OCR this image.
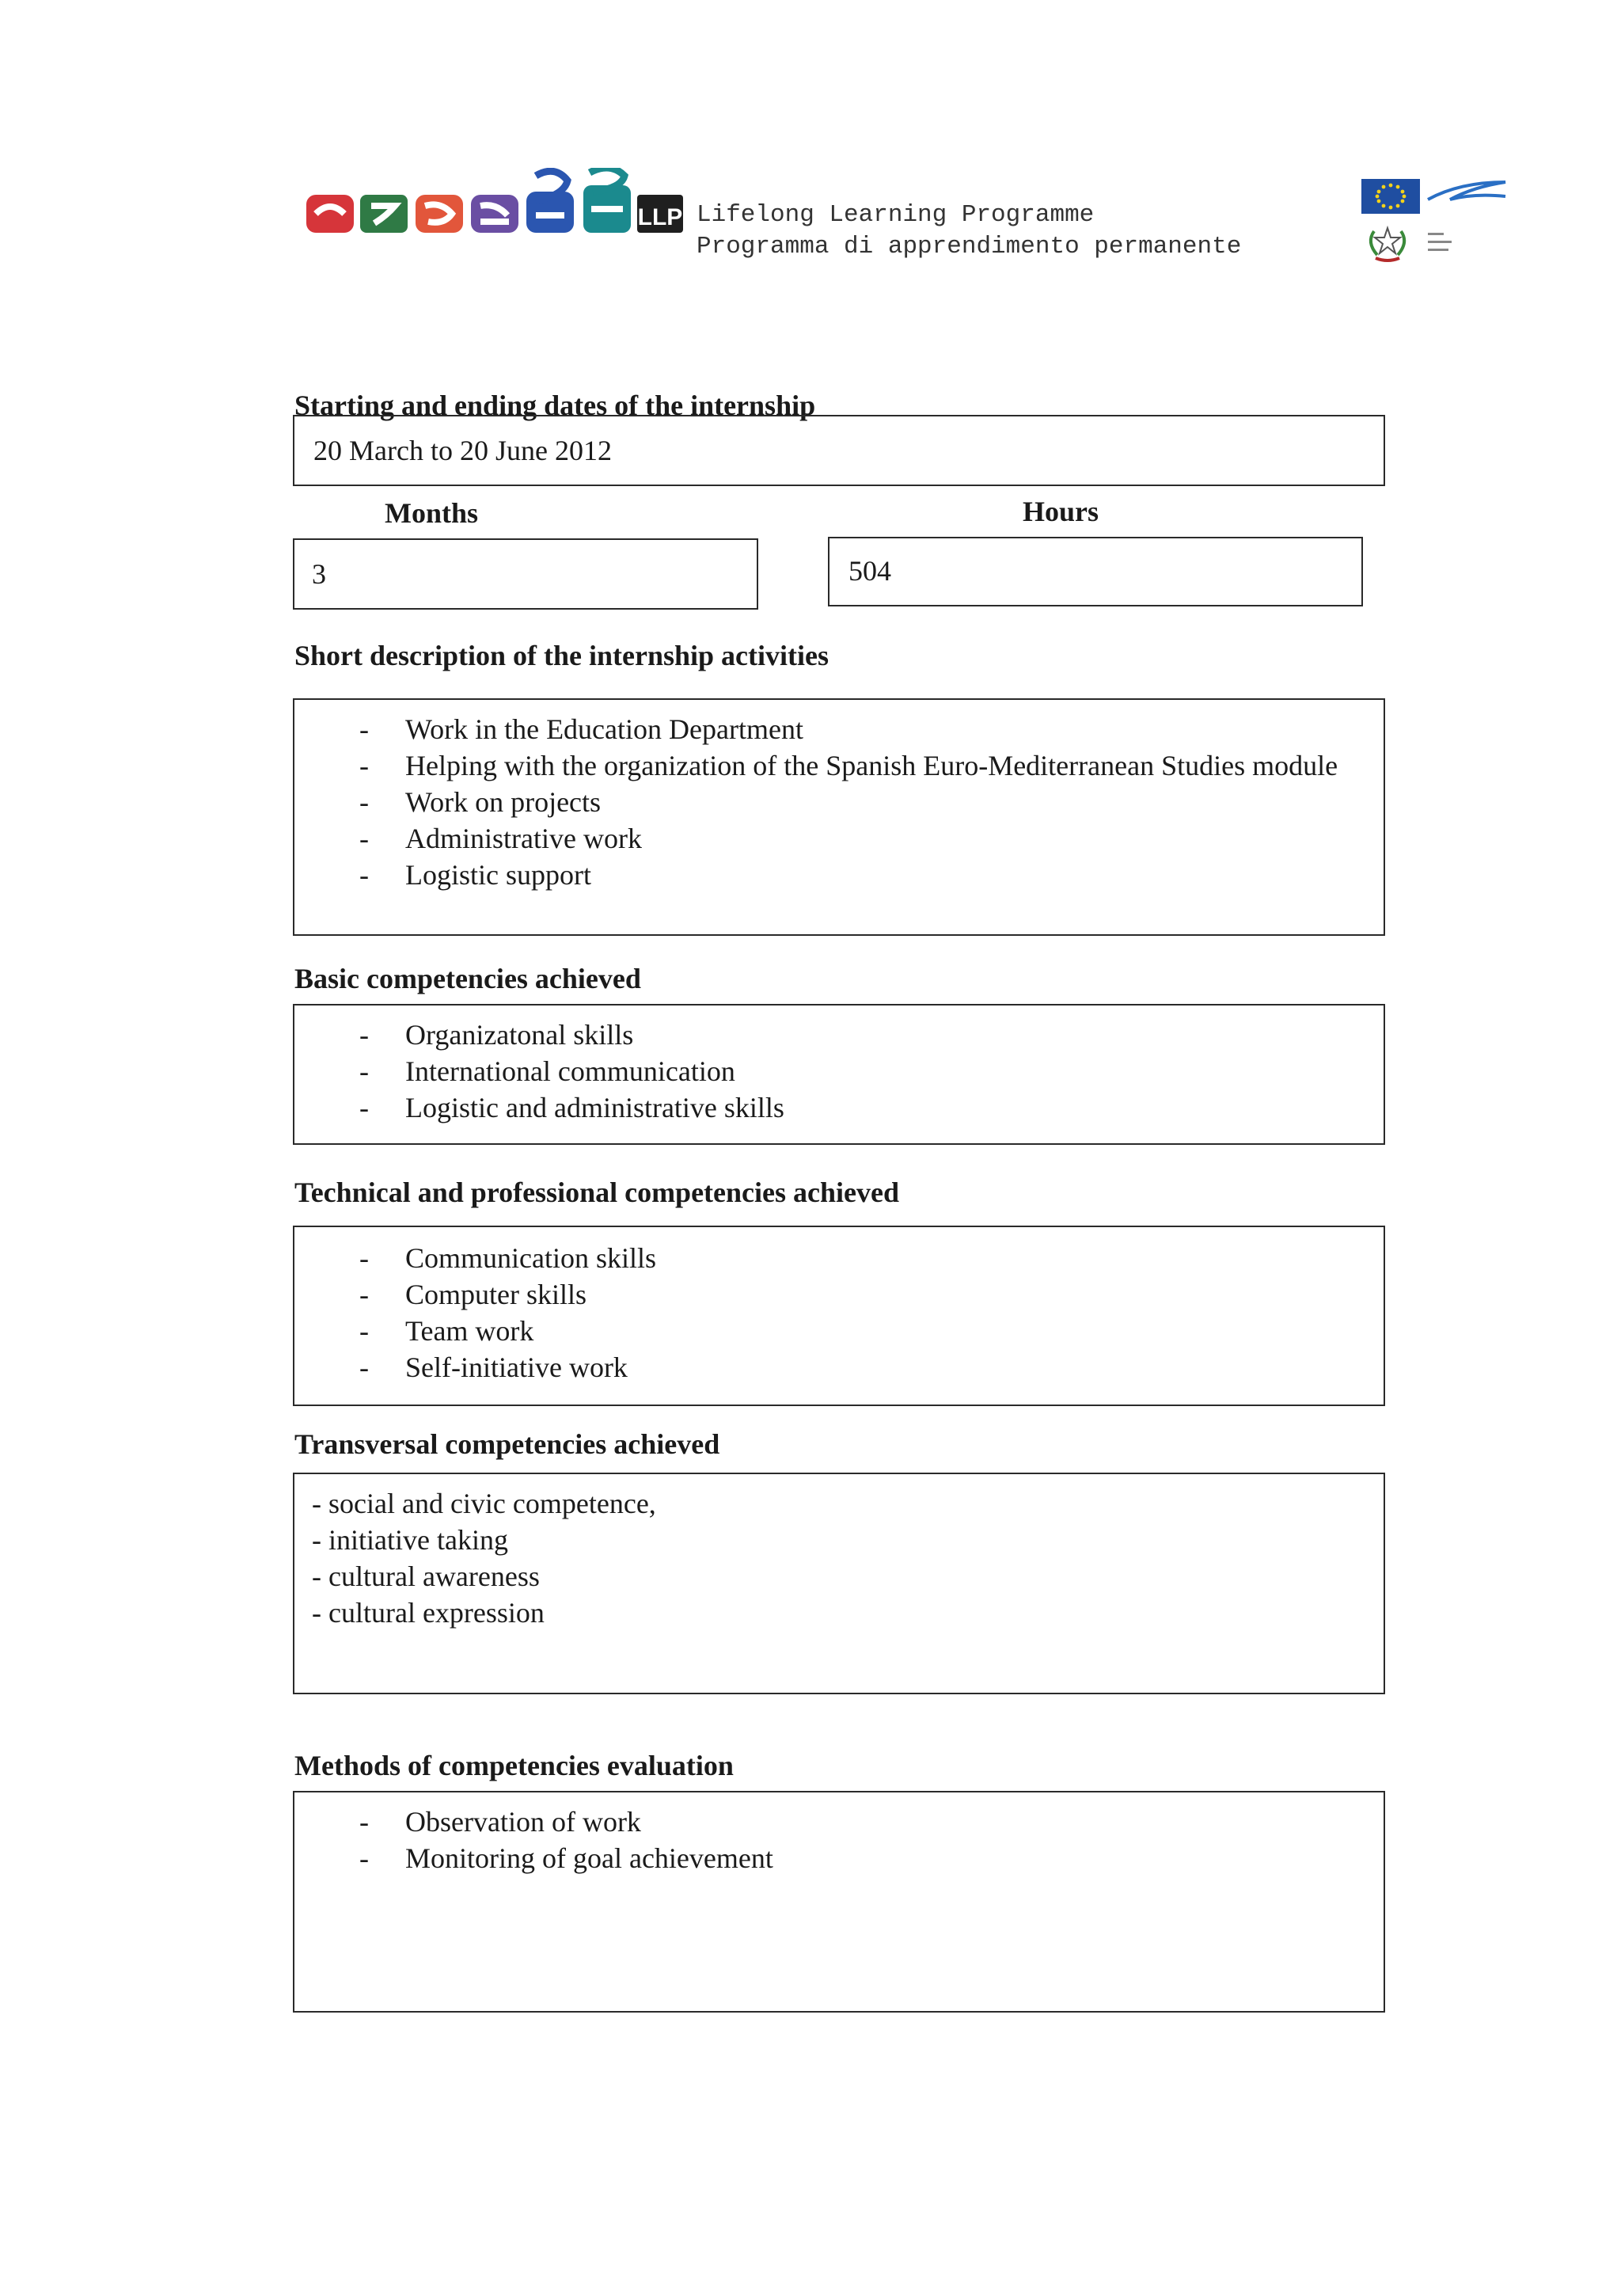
LLP Lifelong Learning Programme
Programma di apprendimento permanente
Starting and ending dates of the internship
20 March to 20 June 2012
Months	Hours
3	504
Short description of the internship activities
- Work in the Education Department
- Helping with the organization of the Spanish Euro-Mediterranean Studies module
- Work on projects
- Administrative work
- Logistic support
Basic competencies achieved
- Organizatonal skills
- International communication
- Logistic and administrative skills
Technical and professional competencies achieved
- Communication skills
- Computer skills
- Team work
- Self-initiative work
Transversal competencies achieved
- social and civic competence,
- initiative taking
- cultural awareness
- cultural expression
Methods of competencies evaluation
- Observation of work
- Monitoring of goal achievement
